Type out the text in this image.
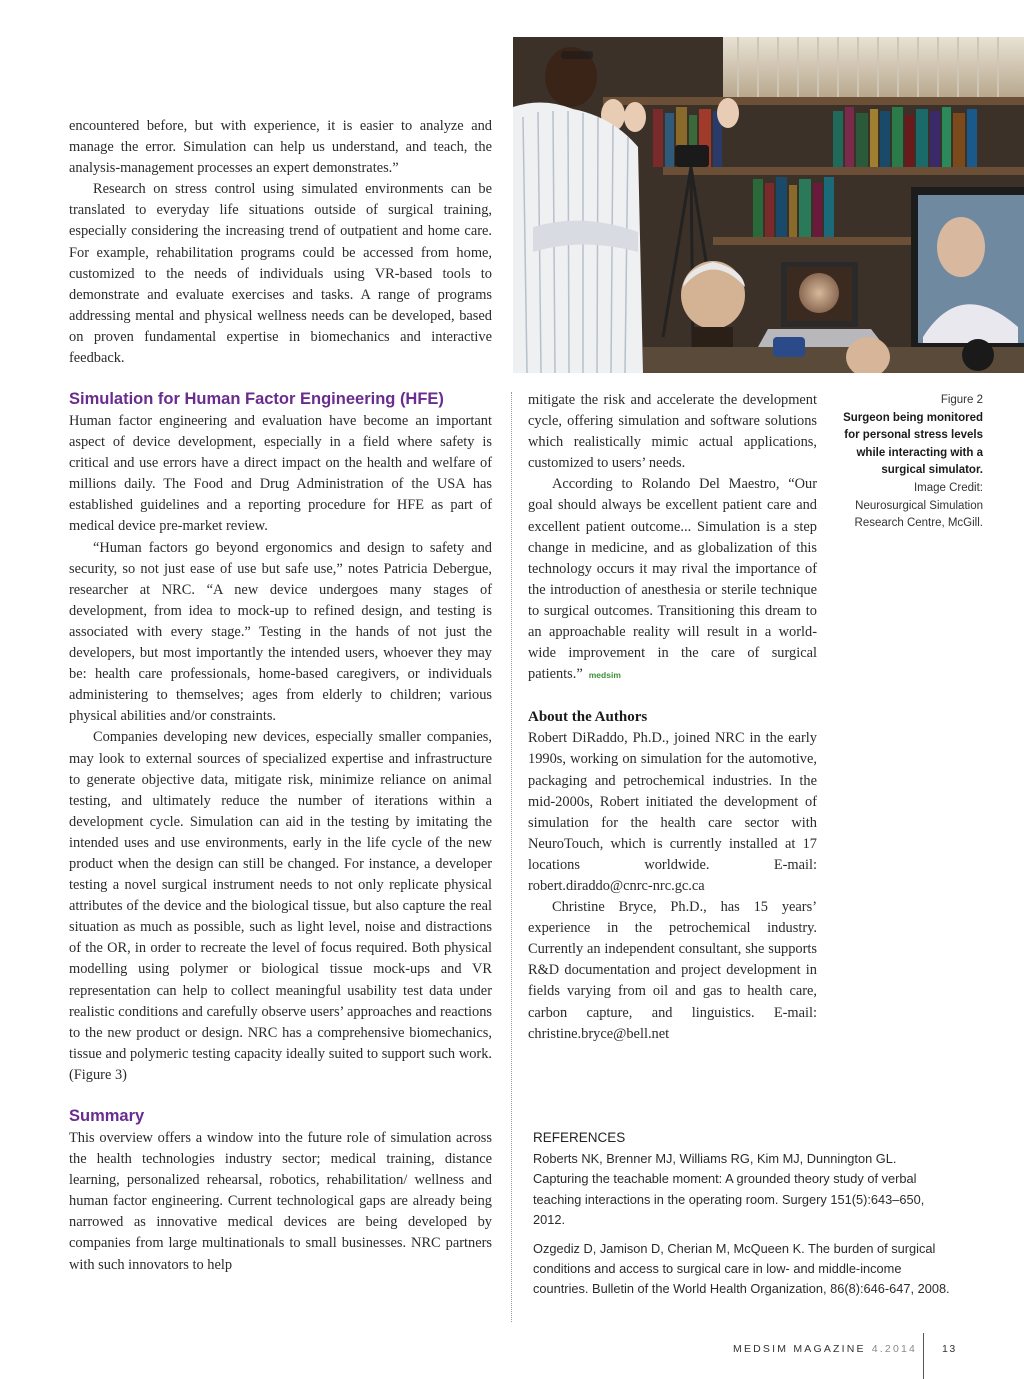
encountered before, but with experience, it is easier to analyze and manage the error. Simulation can help us understand, and teach, the analysis-management processes an expert demonstrates.”

Research on stress control using simulated environments can be translated to everyday life situations outside of surgical training, especially considering the increasing trend of outpatient and home care. For example, rehabilitation programs could be accessed from home, customized to the needs of individuals using VR-based tools to demonstrate and evaluate exercises and tasks. A range of programs addressing mental and physical wellness needs can be developed, based on proven fundamental expertise in biomechanics and interactive feedback.

Figure 2
Surgeon being monitored for personal stress levels while interacting with a surgical simulator.
Image Credit: Neurosurgical Simulation Research Centre, McGill.
Simulation for Human Factor Engineering (HFE)

Human factor engineering and evaluation have become an important aspect of device development, especially in a field where safety is critical and use errors have a direct impact on the health and welfare of millions daily. The Food and Drug Administration of the USA has established guidelines and a reporting procedure for HFE as part of medical device pre-market review.

“Human factors go beyond ergonomics and design to safety and security, so not just ease of use but safe use,” notes Patricia Debergue, researcher at NRC. “A new device undergoes many stages of development, from idea to mock-up to refined design, and testing is associated with every stage.” Testing in the hands of not just the developers, but most importantly the intended users, whoever they may be: health care professionals, home-based caregivers, or individuals administering to themselves; ages from elderly to children; various physical abilities and/or constraints.

Companies developing new devices, especially smaller companies, may look to external sources of specialized expertise and infrastructure to generate objective data, mitigate risk, minimize reliance on animal testing, and ultimately reduce the number of iterations within a development cycle. Simulation can aid in the testing by imitating the intended uses and use environments, early in the life cycle of the new product when the design can still be changed. For instance, a developer testing a novel surgical instrument needs to not only replicate physical attributes of the device and the biological tissue, but also capture the real situation as much as possible, such as light level, noise and distractions of the OR, in order to recreate the level of focus required. Both physical modelling using polymer or biological tissue mock-ups and VR representation can help to collect meaningful usability test data under realistic conditions and carefully observe users’ approaches and reactions to the new product or design. NRC has a comprehensive biomechanics, tissue and polymeric testing capacity ideally suited to support such work. (Figure 3)

Summary

This overview offers a window into the future role of simulation across the health technologies industry sector; medical training, distance learning, personalized rehearsal, robotics, rehabilitation/ wellness and human factor engineering. Current technological gaps are already being narrowed as innovative medical devices are being developed by companies from large multinationals to small businesses. NRC partners with such innovators to help

mitigate the risk and accelerate the development cycle, offering simulation and software solutions which realistically mimic actual applications, customized to users’ needs.

According to Rolando Del Maestro, “Our goal should always be excellent patient care and excellent patient outcome... Simulation is a step change in medicine, and as globalization of this technology occurs it may rival the importance of the introduction of anesthesia or sterile technique to surgical outcomes. Transitioning this dream to an approachable reality will result in a world-wide improvement in the care of surgical patients.” medsim

About the Authors

Robert DiRaddo, Ph.D., joined NRC in the early 1990s, working on simulation for the automotive, packaging and petrochemical industries. In the mid-2000s, Robert initiated the development of simulation for the health care sector with NeuroTouch, which is currently installed at 17 locations worldwide. E-mail: robert.diraddo@cnrc-nrc.gc.ca

Christine Bryce, Ph.D., has 15 years’ experience in the petrochemical industry. Currently an independent consultant, she supports R&D documentation and project development in fields varying from oil and gas to health care, carbon capture, and linguistics. E-mail: christine.bryce@bell.net

REFERENCES
Roberts NK, Brenner MJ, Williams RG, Kim MJ, Dunnington GL. Capturing the teachable moment: A grounded theory study of verbal teaching interactions in the operating room. Surgery 151(5):643–650, 2012.
Ozgediz D, Jamison D, Cherian M, McQueen K. The burden of surgical conditions and access to surgical care in low- and middle-income countries. Bulletin of the World Health Organization, 86(8):646-647, 2008.
MEDSIM MAGAZINE 4.2014 13
